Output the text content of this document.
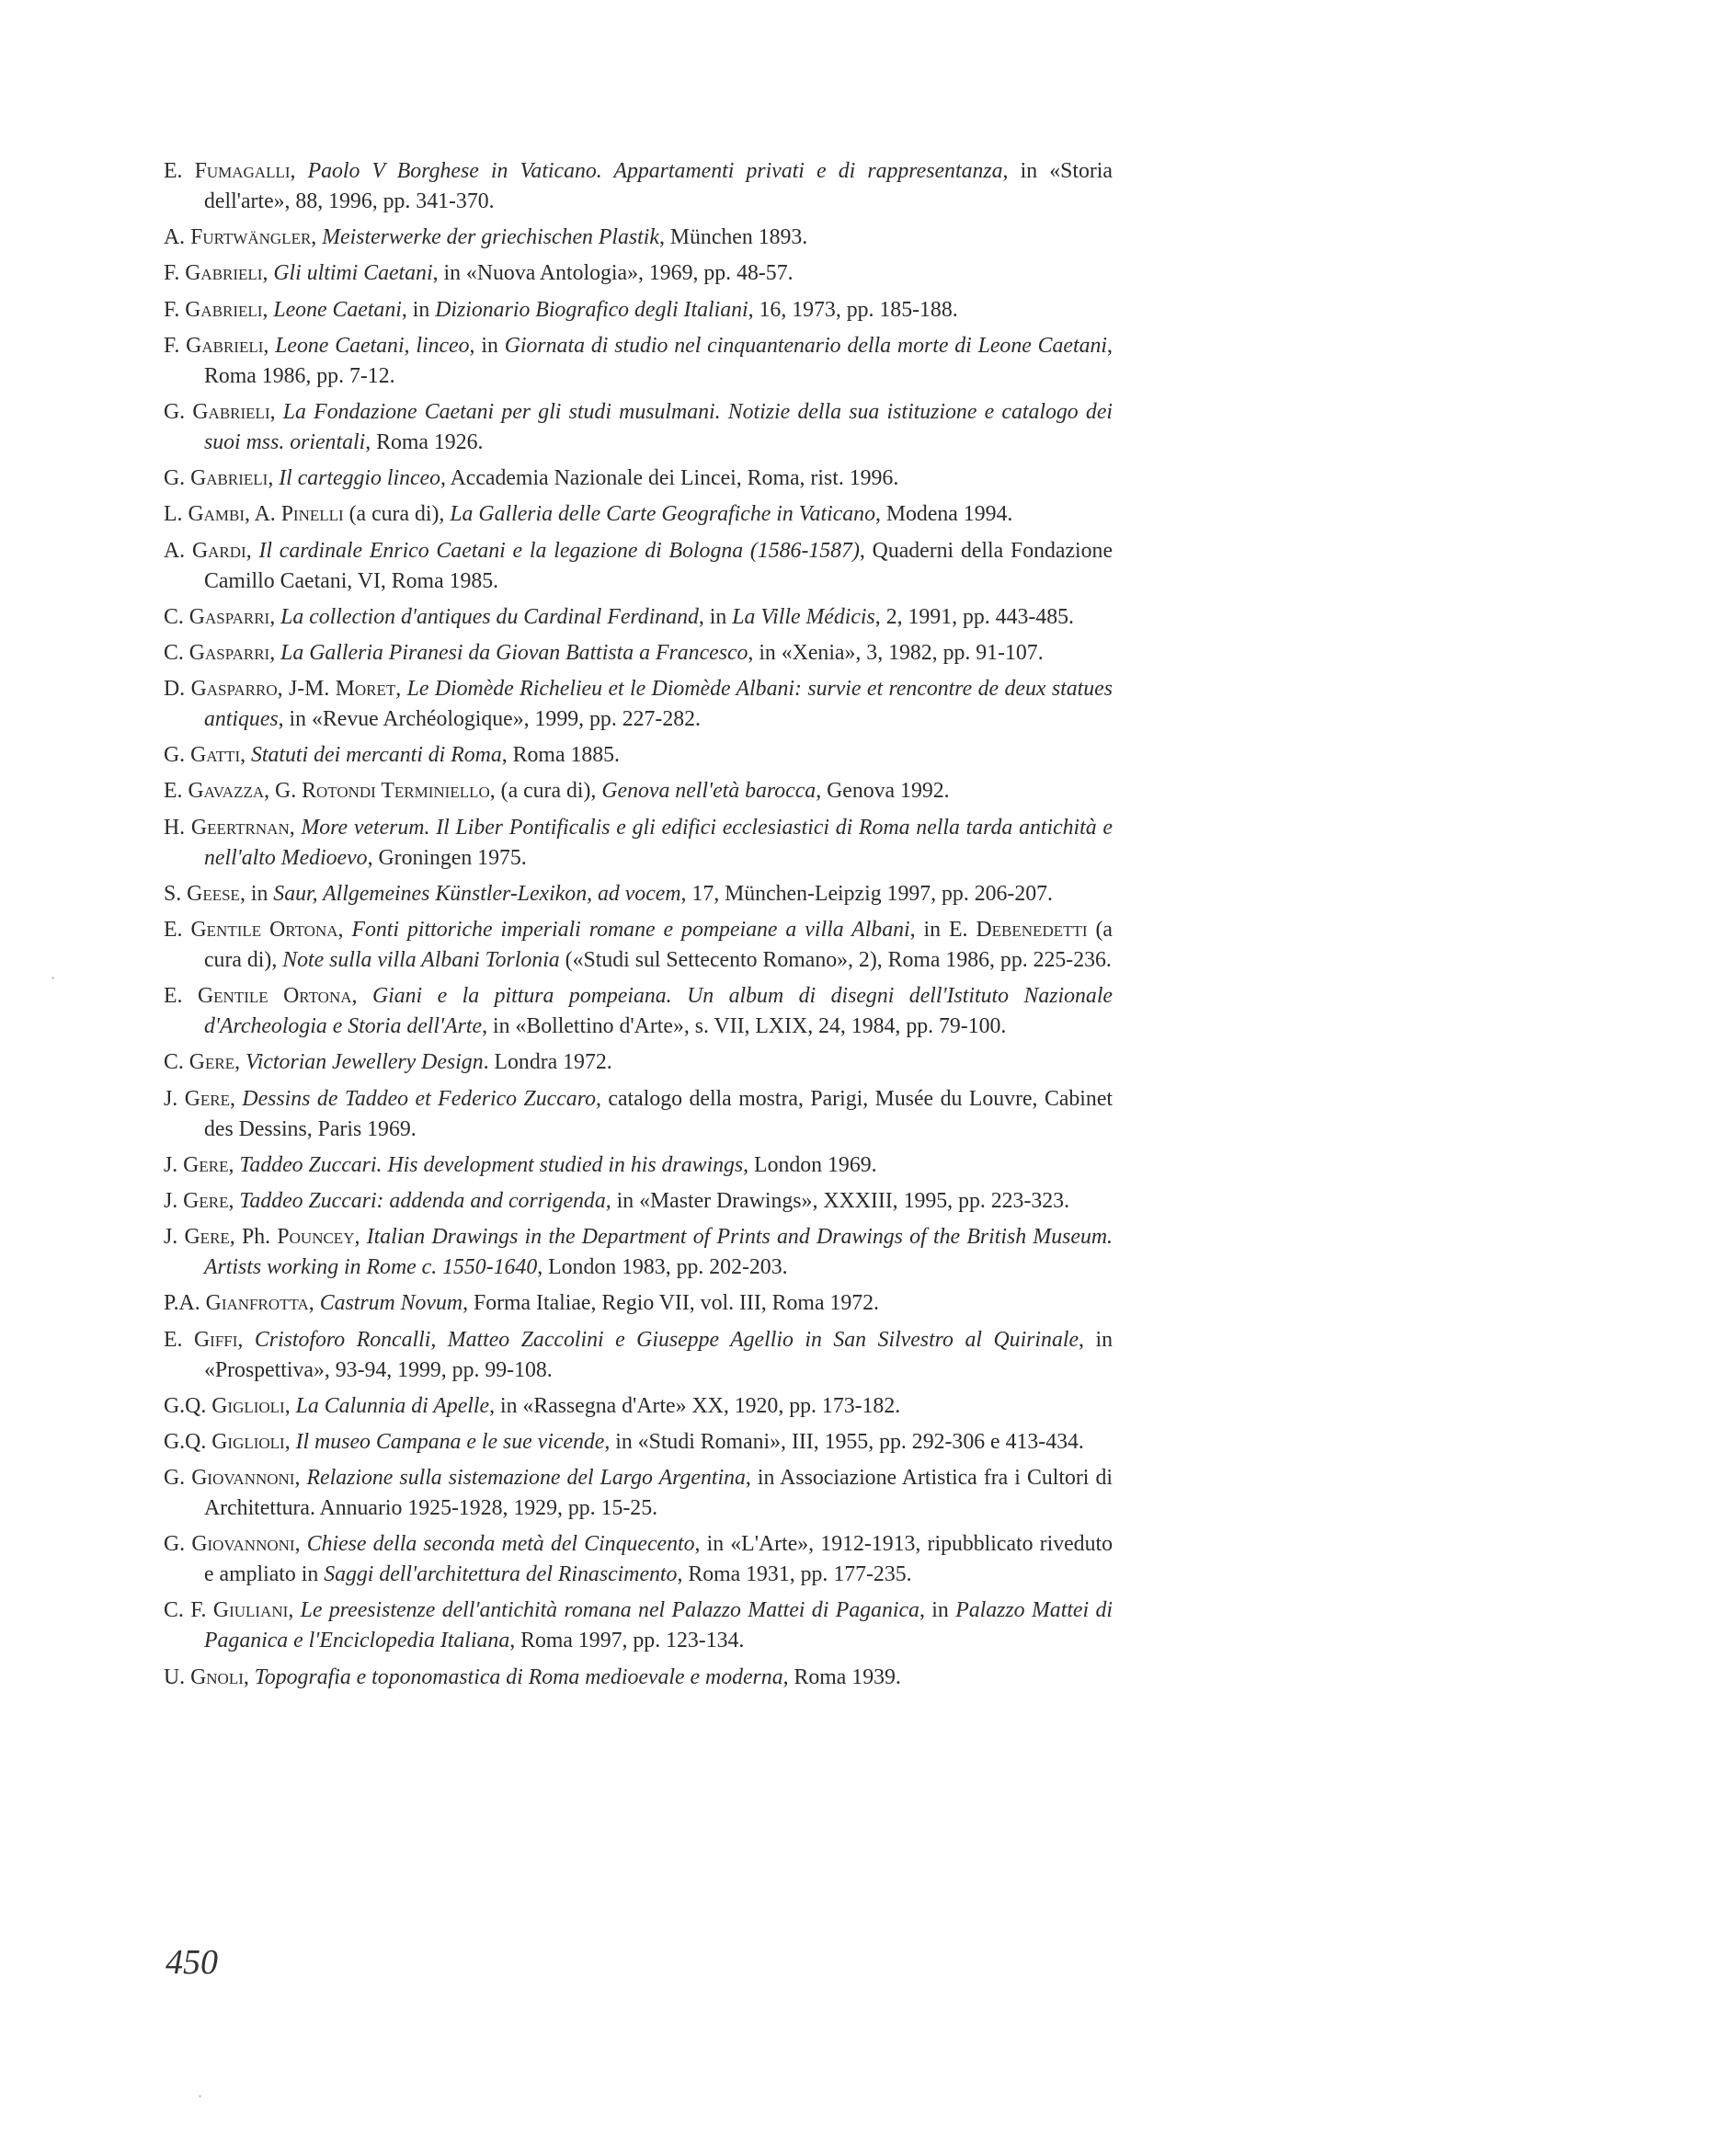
E. Fumagalli, Paolo V Borghese in Vaticano. Appartamenti privati e di rappresentanza, in «Storia dell'arte», 88, 1996, pp. 341-370.

A. Furtwängler, Meisterwerke der griechischen Plastik, München 1893.

F. Gabrieli, Gli ultimi Caetani, in «Nuova Antologia», 1969, pp. 48-57.

F. Gabrieli, Leone Caetani, in Dizionario Biografico degli Italiani, 16, 1973, pp. 185-188.

F. Gabrieli, Leone Caetani, linceo, in Giornata di studio nel cinquantenario della morte di Leone Caetani, Roma 1986, pp. 7-12.

G. Gabrieli, La Fondazione Caetani per gli studi musulmani. Notizie della sua istituzione e catalogo dei suoi mss. orientali, Roma 1926.

G. Gabrieli, Il carteggio linceo, Accademia Nazionale dei Lincei, Roma, rist. 1996.

L. Gambi, A. Pinelli (a cura di), La Galleria delle Carte Geografiche in Vaticano, Modena 1994.

A. Gardi, Il cardinale Enrico Caetani e la legazione di Bologna (1586-1587), Quaderni della Fondazione Camillo Caetani, VI, Roma 1985.

C. Gasparri, La collection d'antiques du Cardinal Ferdinand, in La Ville Médicis, 2, 1991, pp. 443-485.

C. Gasparri, La Galleria Piranesi da Giovan Battista a Francesco, in «Xenia», 3, 1982, pp. 91-107.

D. Gasparro, J-M. Moret, Le Diomède Richelieu et le Diomède Albani: survie et rencontre de deux statues antiques, in «Revue Archéologique», 1999, pp. 227-282.

G. Gatti, Statuti dei mercanti di Roma, Roma 1885.

E. Gavazza, G. Rotondi Terminiello, (a cura di), Genova nell'età barocca, Genova 1992.

H. Geertrnan, More veterum. Il Liber Pontificalis e gli edifici ecclesiastici di Roma nella tarda antichità e nell'alto Medioevo, Groningen 1975.

S. Geese, in Saur, Allgemeines Künstler-Lexikon, ad vocem, 17, München-Leipzig 1997, pp. 206-207.

E. Gentile Ortona, Fonti pittoriche imperiali romane e pompeiane a villa Albani, in E. Debenedetti (a cura di), Note sulla villa Albani Torlonia («Studi sul Settecento Romano», 2), Roma 1986, pp. 225-236.

E. Gentile Ortona, Giani e la pittura pompeiana. Un album di disegni dell'Istituto Nazionale d'Archeologia e Storia dell'Arte, in «Bollettino d'Arte», s. VII, LXIX, 24, 1984, pp. 79-100.

C. Gere, Victorian Jewellery Design. Londra 1972.

J. Gere, Dessins de Taddeo et Federico Zuccaro, catalogo della mostra, Parigi, Musée du Louvre, Cabinet des Dessins, Paris 1969.

J. Gere, Taddeo Zuccari. His development studied in his drawings, London 1969.

J. Gere, Taddeo Zuccari: addenda and corrigenda, in «Master Drawings», XXXIII, 1995, pp. 223-323.

J. Gere, Ph. Pouncey, Italian Drawings in the Department of Prints and Drawings of the British Museum. Artists working in Rome c. 1550-1640, London 1983, pp. 202-203.

P.A. Gianfrotta, Castrum Novum, Forma Italiae, Regio VII, vol. III, Roma 1972.

E. Giffi, Cristoforo Roncalli, Matteo Zaccolini e Giuseppe Agellio in San Silvestro al Quirinale, in «Prospettiva», 93-94, 1999, pp. 99-108.

G.Q. Giglioli, La Calunnia di Apelle, in «Rassegna d'Arte» XX, 1920, pp. 173-182.

G.Q. Giglioli, Il museo Campana e le sue vicende, in «Studi Romani», III, 1955, pp. 292-306 e 413-434.

G. Giovannoni, Relazione sulla sistemazione del Largo Argentina, in Associazione Artistica fra i Cultori di Architettura. Annuario 1925-1928, 1929, pp. 15-25.

G. Giovannoni, Chiese della seconda metà del Cinquecento, in «L'Arte», 1912-1913, ripubblicato riveduto e ampliato in Saggi dell'architettura del Rinascimento, Roma 1931, pp. 177-235.

C. F. Giuliani, Le preesistenze dell'antichità romana nel Palazzo Mattei di Paganica, in Palazzo Mattei di Paganica e l'Enciclopedia Italiana, Roma 1997, pp. 123-134.

U. Gnoli, Topografia e toponomastica di Roma medioevale e moderna, Roma 1939.

450
